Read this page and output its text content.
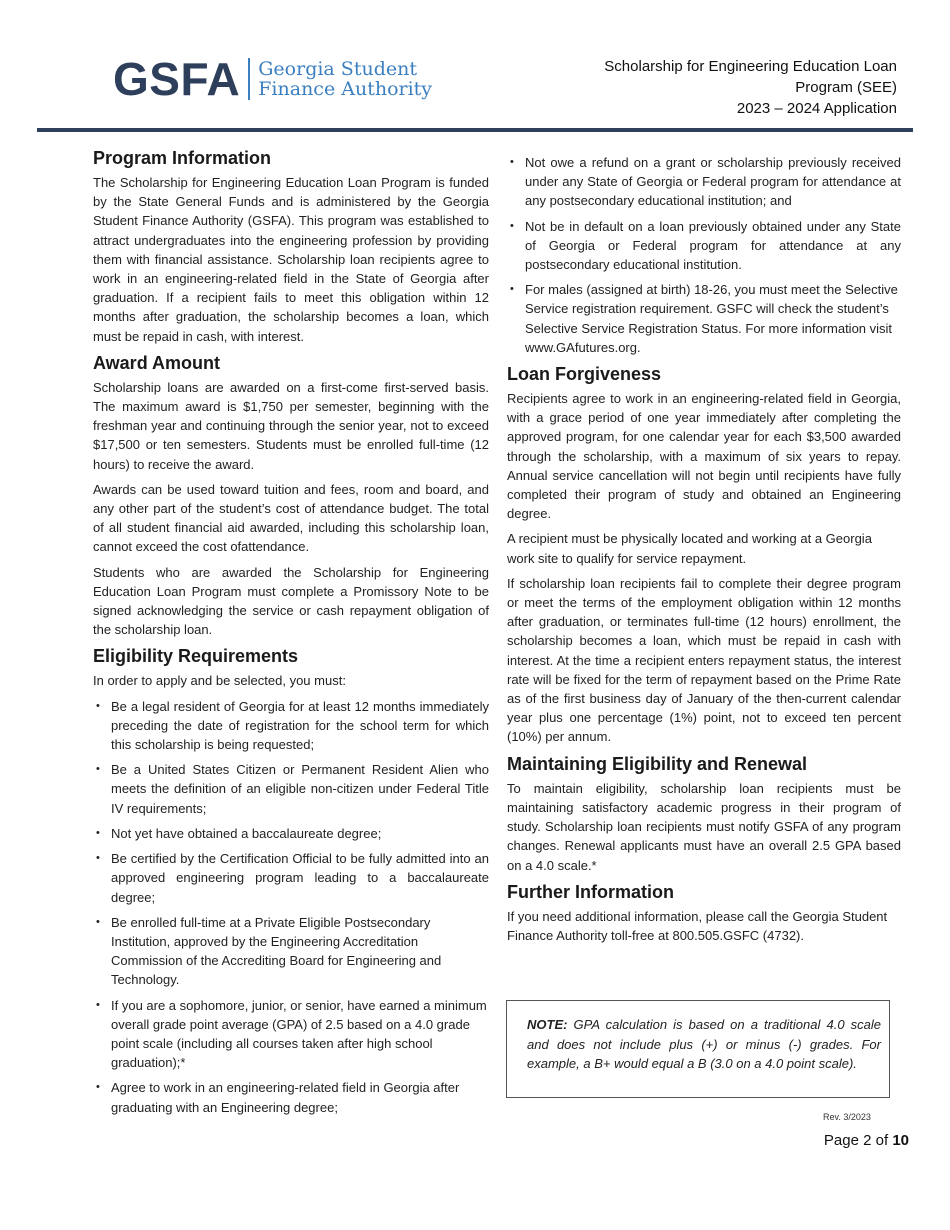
GSFA Georgia Student
Finance Authority
Scholarship for Engineering Education Loan
Program (SEE)
2023 – 2024 Application
Program Information

The Scholarship for Engineering Education Loan Program is funded by the State General Funds and is administered by the Georgia Student Finance Authority (GSFA). This program was established to attract undergraduates into the engineering profession by providing them with financial assistance. Scholarship loan recipients agree to work in an engineering-related field in the State of Georgia after graduation. If a recipient fails to meet this obligation within 12 months after graduation, the scholarship becomes a loan, which must be repaid in cash, with interest.

Award Amount

Scholarship loans are awarded on a first-come first-served basis. The maximum award is $1,750 per semester, beginning with the freshman year and continuing through the senior year, not to exceed $17,500 or ten semesters. Students must be enrolled full-time (12 hours) to receive the award.

Awards can be used toward tuition and fees, room and board, and any other part of the student’s cost of attendance budget. The total of all student financial aid awarded, including this scholarship loan, cannot exceed the cost ofattendance.

Students who are awarded the Scholarship for Engineering Education Loan Program must complete a Promissory Note to be signed acknowledging the service or cash repayment obligation of the scholarship loan.

Eligibility Requirements

In order to apply and be selected, you must:

• Be a legal resident of Georgia for at least 12 months immediately preceding the date of registration for the school term for which this scholarship is being requested;
• Be a United States Citizen or Permanent Resident Alien who meets the definition of an eligible non-citizen under Federal Title IV requirements;
• Not yet have obtained a baccalaureate degree;
• Be certified by the Certification Official to be fully admitted into an approved engineering program leading to a baccalaureate degree;
• Be enrolled full-time at a Private Eligible Postsecondary Institution, approved by the Engineering Accreditation Commission of the Accrediting Board for Engineering and Technology.
• If you are a sophomore, junior, or senior, have earned a minimum overall grade point average (GPA) of 2.5 based on a 4.0 grade point scale (including all courses taken after high school graduation);*
• Agree to work in an engineering-related field in Georgia after graduating with an Engineering degree;
• Not owe a refund on a grant or scholarship previously received under any State of Georgia or Federal program for attendance at any postsecondary educational institution; and
• Not be in default on a loan previously obtained under any State of Georgia or Federal program for attendance at any postsecondary educational institution.
• For males (assigned at birth) 18-26, you must meet the Selective Service registration requirement. GSFC will check the student’s Selective Service Registration Status. For more information visit www.GAfutures.org.
Loan Forgiveness

Recipients agree to work in an engineering-related field in Georgia, with a grace period of one year immediately after completing the approved program, for one calendar year for each $3,500 awarded through the scholarship, with a maximum of six years to repay. Annual service cancellation will not begin until recipients have fully completed their program of study and obtained an Engineering degree.

A recipient must be physically located and working at a Georgia work site to qualify for service repayment.

If scholarship loan recipients fail to complete their degree program or meet the terms of the employment obligation within 12 months after graduation, or terminates full-time (12 hours) enrollment, the scholarship becomes a loan, which must be repaid in cash with interest. At the time a recipient enters repayment status, the interest rate will be fixed for the term of repayment based on the Prime Rate as of the first business day of January of the then-current calendar year plus one percentage (1%) point, not to exceed ten percent (10%) per annum.

Maintaining Eligibility and Renewal

To maintain eligibility, scholarship loan recipients must be maintaining satisfactory academic progress in their program of study. Scholarship loan recipients must notify GSFA of any program changes. Renewal applicants must have an overall 2.5 GPA based on a 4.0 scale.*

Further Information

If you need additional information, please call the Georgia Student Finance Authority toll-free at 800.505.GSFC (4732).

NOTE: GPA calculation is based on a traditional 4.0 scale and does not include plus (+) or minus (-) grades. For example, a B+ would equal a B (3.0 on a 4.0 point scale).
Rev. 3/2023
Page 2 of 10
